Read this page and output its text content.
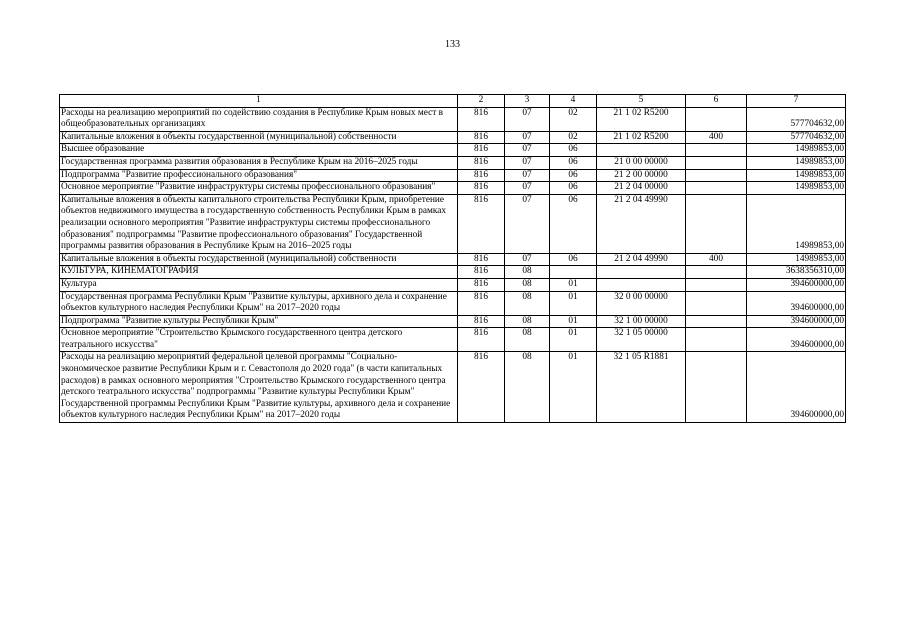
133
1	2	3	4	5	6	7
Расходы на реализацию мероприятий по содействию создания в Республике Крым новых мест в общеобразовательных организациях	816	07	02	21 1 02 R5200		577704632,00
Капитальные вложения в объекты государственной (муниципальной) собственности	816	07	02	21 1 02 R5200	400	577704632,00
Высшее образование	816	07	06			14989853,00
Государственная программа развития образования в Республике Крым на 2016–2025 годы	816	07	06	21 0 00 00000		14989853,00
Подпрограмма "Развитие профессионального образования"	816	07	06	21 2 00 00000		14989853,00
Основное мероприятие "Развитие инфраструктуры системы профессионального образования"	816	07	06	21 2 04 00000		14989853,00
Капитальные вложения в объекты капитального строительства Республики Крым, приобретение объектов недвижимого имущества в государственную собственность Республики Крым в рамках реализации основного мероприятия "Развитие инфраструктуры системы профессионального образования" подпрограммы "Развитие профессионального образования" Государственной программы развития образования в Республике Крым на 2016–2025 годы	816	07	06	21 2 04 49990		14989853,00
Капитальные вложения в объекты государственной (муниципальной) собственности	816	07	06	21 2 04 49990	400	14989853,00
КУЛЬТУРА, КИНЕМАТОГРАФИЯ	816	08				3638356310,00
Культура	816	08	01			394600000,00
Государственная программа Республики Крым "Развитие культуры, архивного дела и сохранение объектов культурного наследия Республики Крым" на 2017–2020 годы	816	08	01	32 0 00 00000		394600000,00
Подпрограмма "Развитие культуры Республики Крым"	816	08	01	32 1 00 00000		394600000,00
Основное мероприятие "Строительство Крымского государственного центра детского театрального искусства"	816	08	01	32 1 05 00000		394600000,00
Расходы на реализацию мероприятий федеральной целевой программы "Социально-экономическое развитие Республики Крым и г. Севастополя до 2020 года" (в части капитальных расходов) в рамках основного мероприятия "Строительство Крымского государственного центра детского театрального искусства" подпрограммы "Развитие культуры Республики Крым" Государственной программы Республики Крым "Развитие культуры, архивного дела и сохранение объектов культурного наследия Республики Крым" на 2017–2020 годы	816	08	01	32 1 05 R1881		394600000,00
